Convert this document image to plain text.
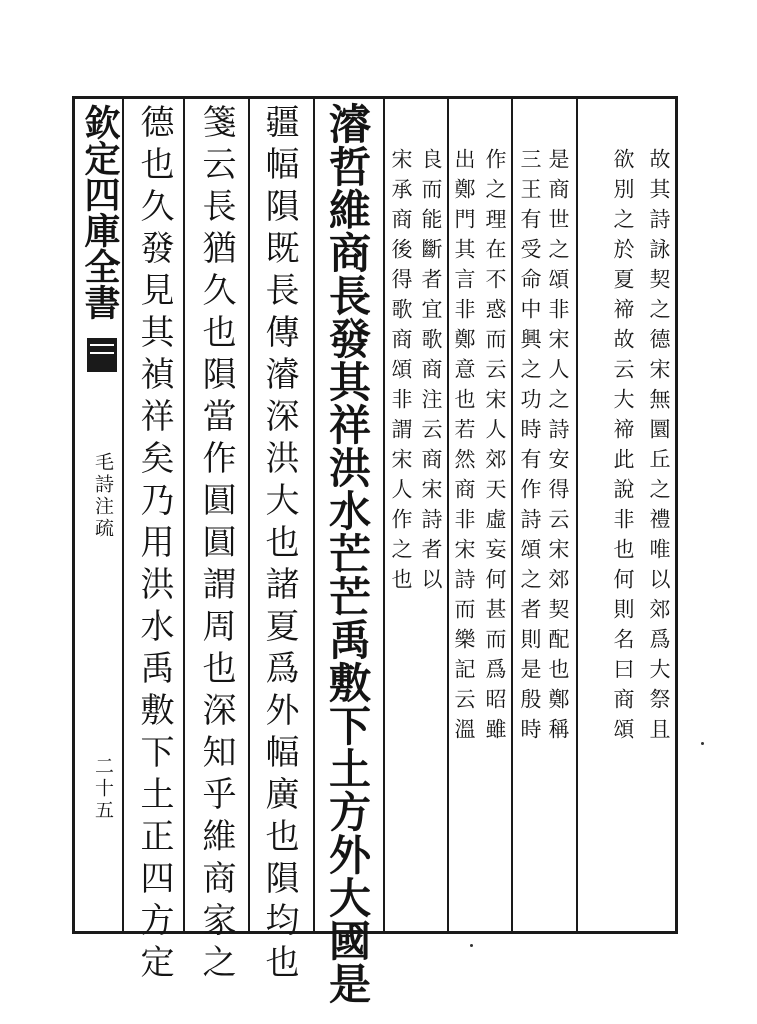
欽定四庫全書
毛詩注疏
二十五
故其詩詠契之德宋無圜丘之禮唯以郊爲大祭且
欲別之於夏禘故云大禘此說非也何則名曰商頌
是商世之頌非宋人之詩安得云宋郊契配也鄭稱
三王有受命中興之功時有作詩頌之者則是殷時
作之理在不惑而云宋人郊天虛妄何甚而爲昭雖
出鄭門其言非鄭意也若然商非宋詩而樂記云溫
良而能斷者宜歌商注云商宋詩者以
宋承商後得歌商頌非謂宋人作之也
濬哲維商長發其祥洪水芒芒禹敷下土方外大國是
疆幅隕既長傳濬深洪大也諸夏爲外幅廣也隕均也
箋云長猶久也隕當作圓圓謂周也深知乎維商家之
德也久發見其禎祥矣乃用洪水禹敷下土正四方定
